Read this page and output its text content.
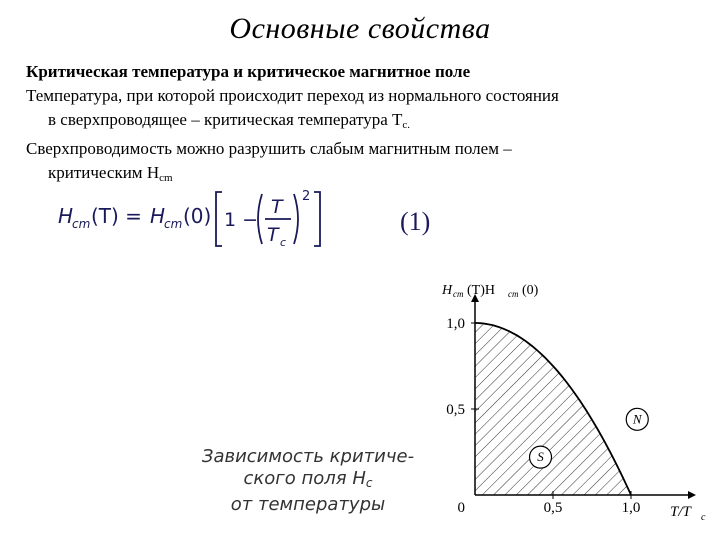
Основные свойства
Критическая температура и критическое магнитное поле
Температура, при которой происходит переход из нормального состояния
в сверхпроводящее – критическая температура $T_{c.}$
Сверхпроводимость можно разрушить слабым магнитным полем –
критическим $H_{cm}$
H
cm (T) = H
cm (0) 1 −
T
T c
2
(1)
Зависимость критиче-
ского поля Hc
от температуры	0,5	1,0
0,5
1,0
H cm (T)H cm (0)
T/T c
0
S
N
